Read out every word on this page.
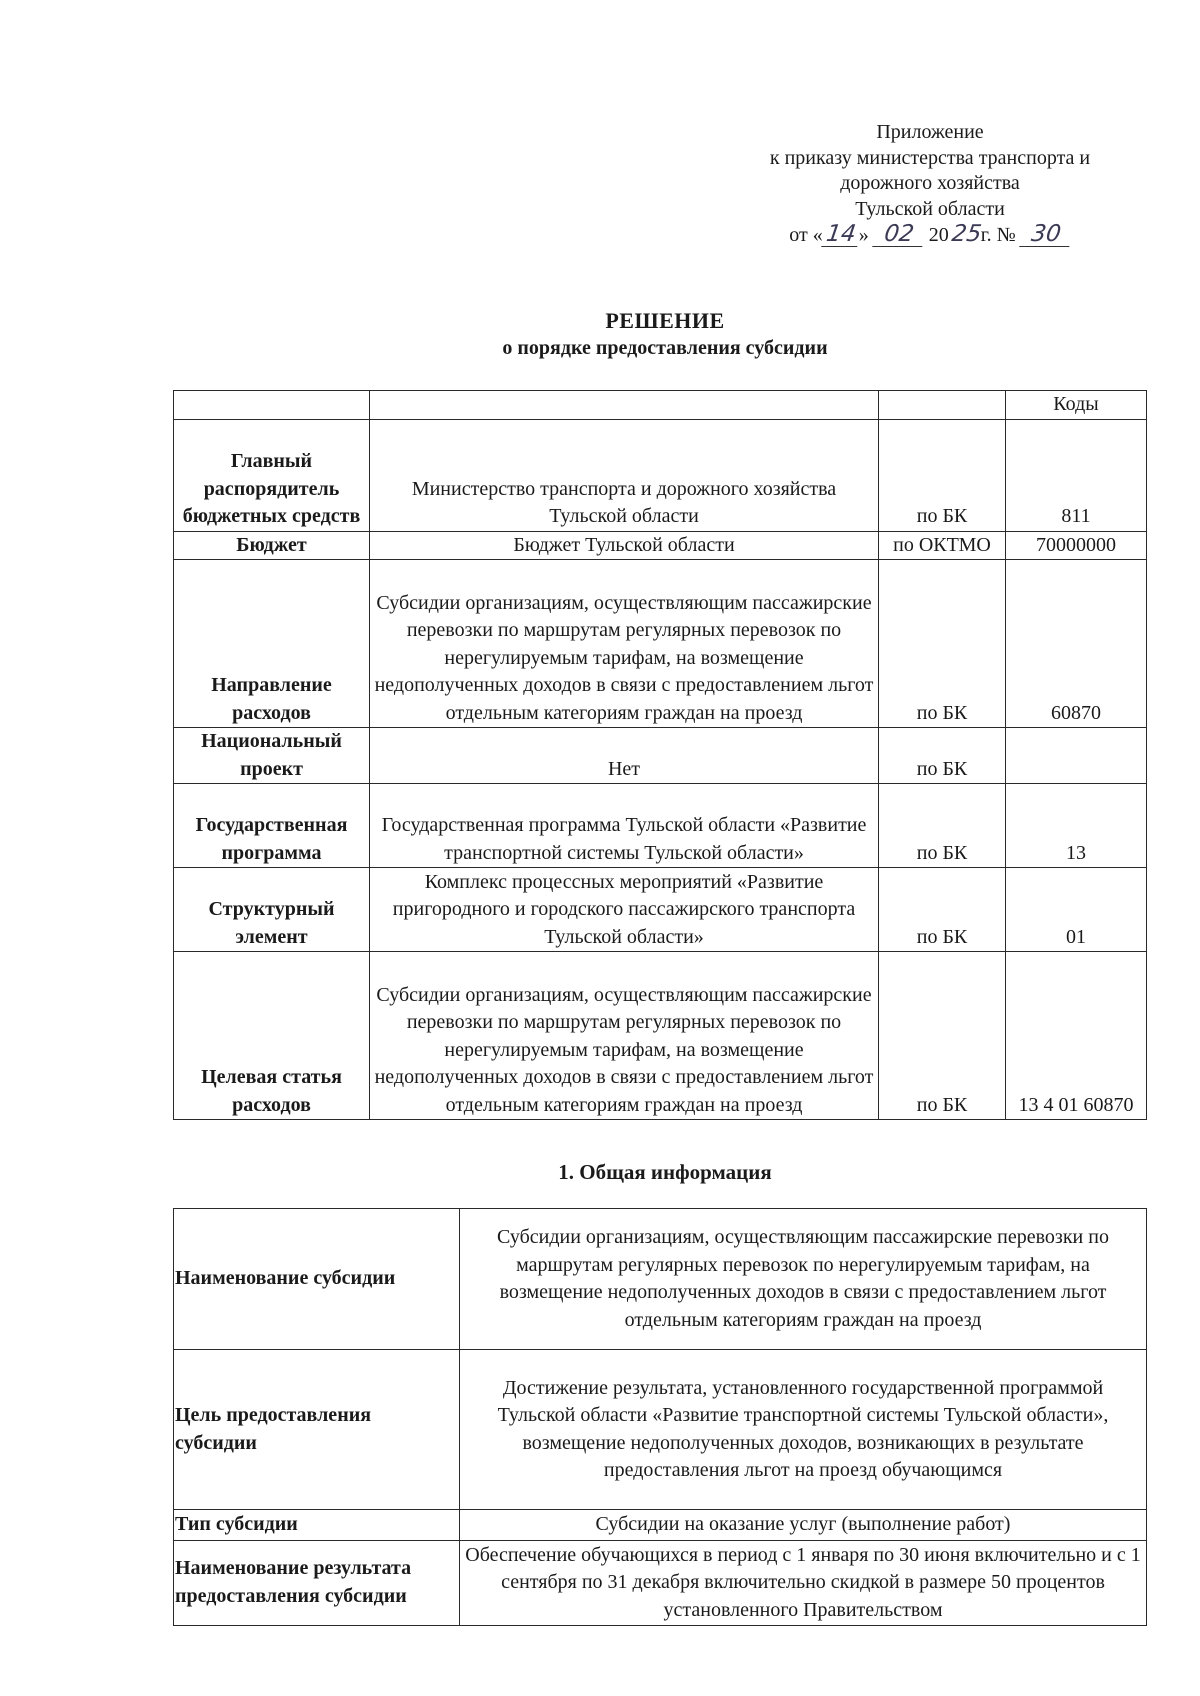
Приложение
к приказу министерства транспорта и
дорожного хозяйства
Тульской области
от «14» 02 2025г. № 30
РЕШЕНИЕ
о порядке предоставления субсидии
			Коды
Главный распорядитель бюджетных средств	Министерство транспорта и дорожного хозяйства Тульской области	по БК	811
Бюджет	Бюджет Тульской области	по ОКТМО	70000000
Направление расходов	Субсидии организациям, осуществляющим пассажирские перевозки по маршрутам регулярных перевозок по нерегулируемым тарифам, на возмещение недополученных доходов в связи с предоставлением льгот отдельным категориям граждан на проезд	по БК	60870
Национальный проект	Нет	по БК	
Государственная программа	Государственная программа Тульской области «Развитие транспортной системы Тульской области»	по БК	13
Структурный элемент	Комплекс процессных мероприятий «Развитие пригородного и городского пассажирского транспорта Тульской области»	по БК	01
Целевая статья расходов	Субсидии организациям, осуществляющим пассажирские перевозки по маршрутам регулярных перевозок по нерегулируемым тарифам, на возмещение недополученных доходов в связи с предоставлением льгот отдельным категориям граждан на проезд	по БК	13 4 01 60870
1. Общая информация
Наименование субсидии	Субсидии организациям, осуществляющим пассажирские перевозки по маршрутам регулярных перевозок по нерегулируемым тарифам, на возмещение недополученных доходов в связи с предоставлением льгот отдельным категориям граждан на проезд
Цель предоставления субсидии	Достижение результата, установленного государственной программой Тульской области «Развитие транспортной системы Тульской области», возмещение недополученных доходов, возникающих в результате предоставления льгот на проезд обучающимся
Тип субсидии	Субсидии на оказание услуг (выполнение работ)
Наименование результата предоставления субсидии	Обеспечение обучающихся в период с 1 января по 30 июня включительно и с 1 сентября по 31 декабря включительно скидкой в размере 50 процентов установленного Правительством
